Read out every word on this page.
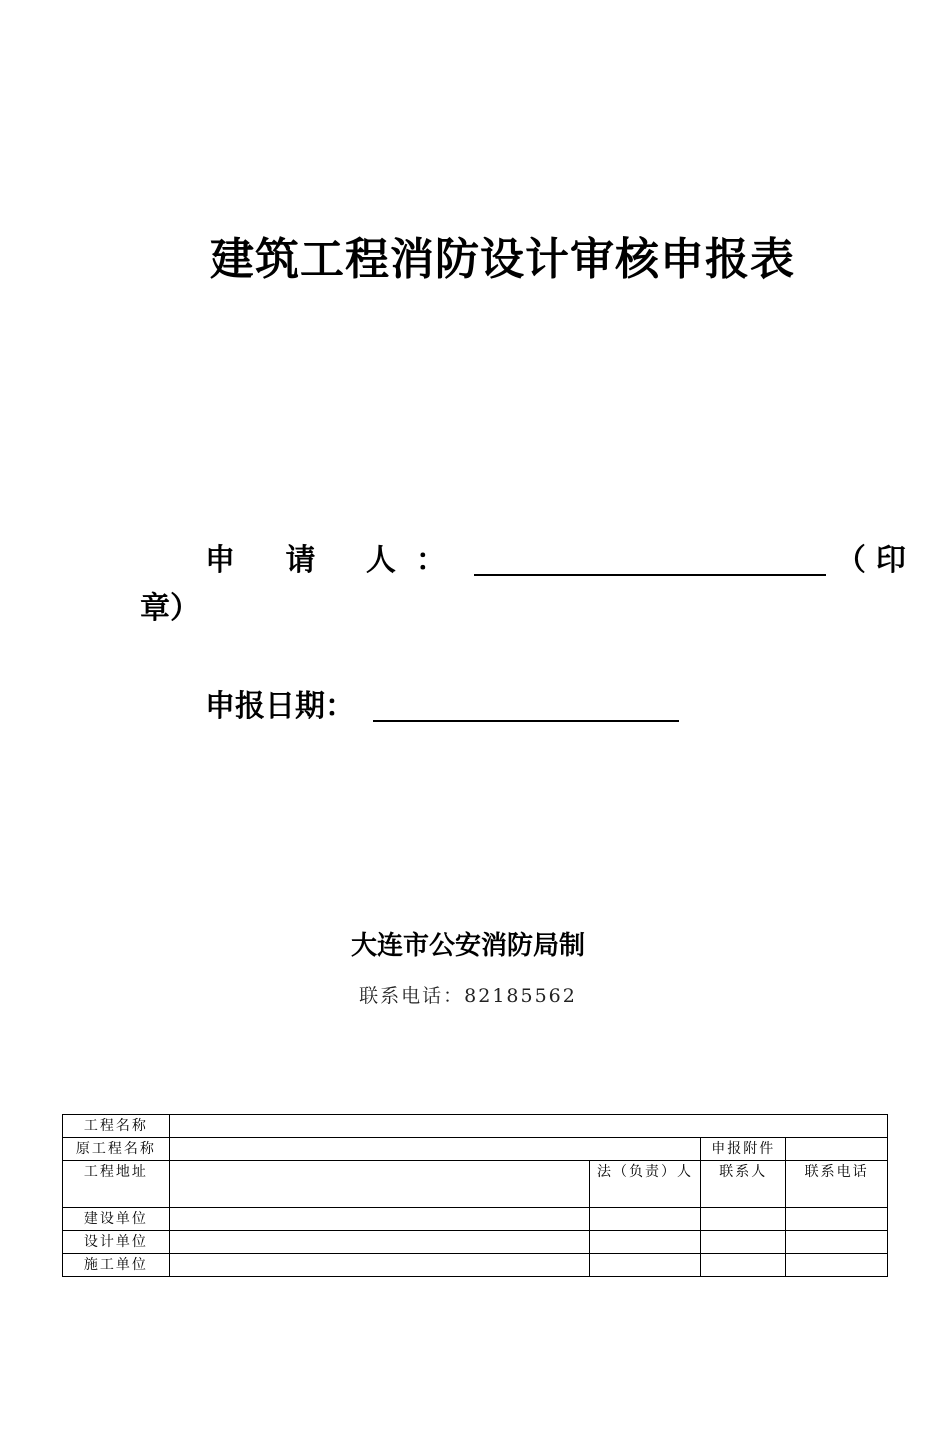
建筑工程消防设计审核申报表
申 请 人：	（印
章）
申报日期：
大连市公安消防局制
联系电话：82185562
工程名称				
原工程名称			申报附件	
工程地址		法（负责）人	联系人	联系电话
建设单位				
设计单位				
施工单位				
